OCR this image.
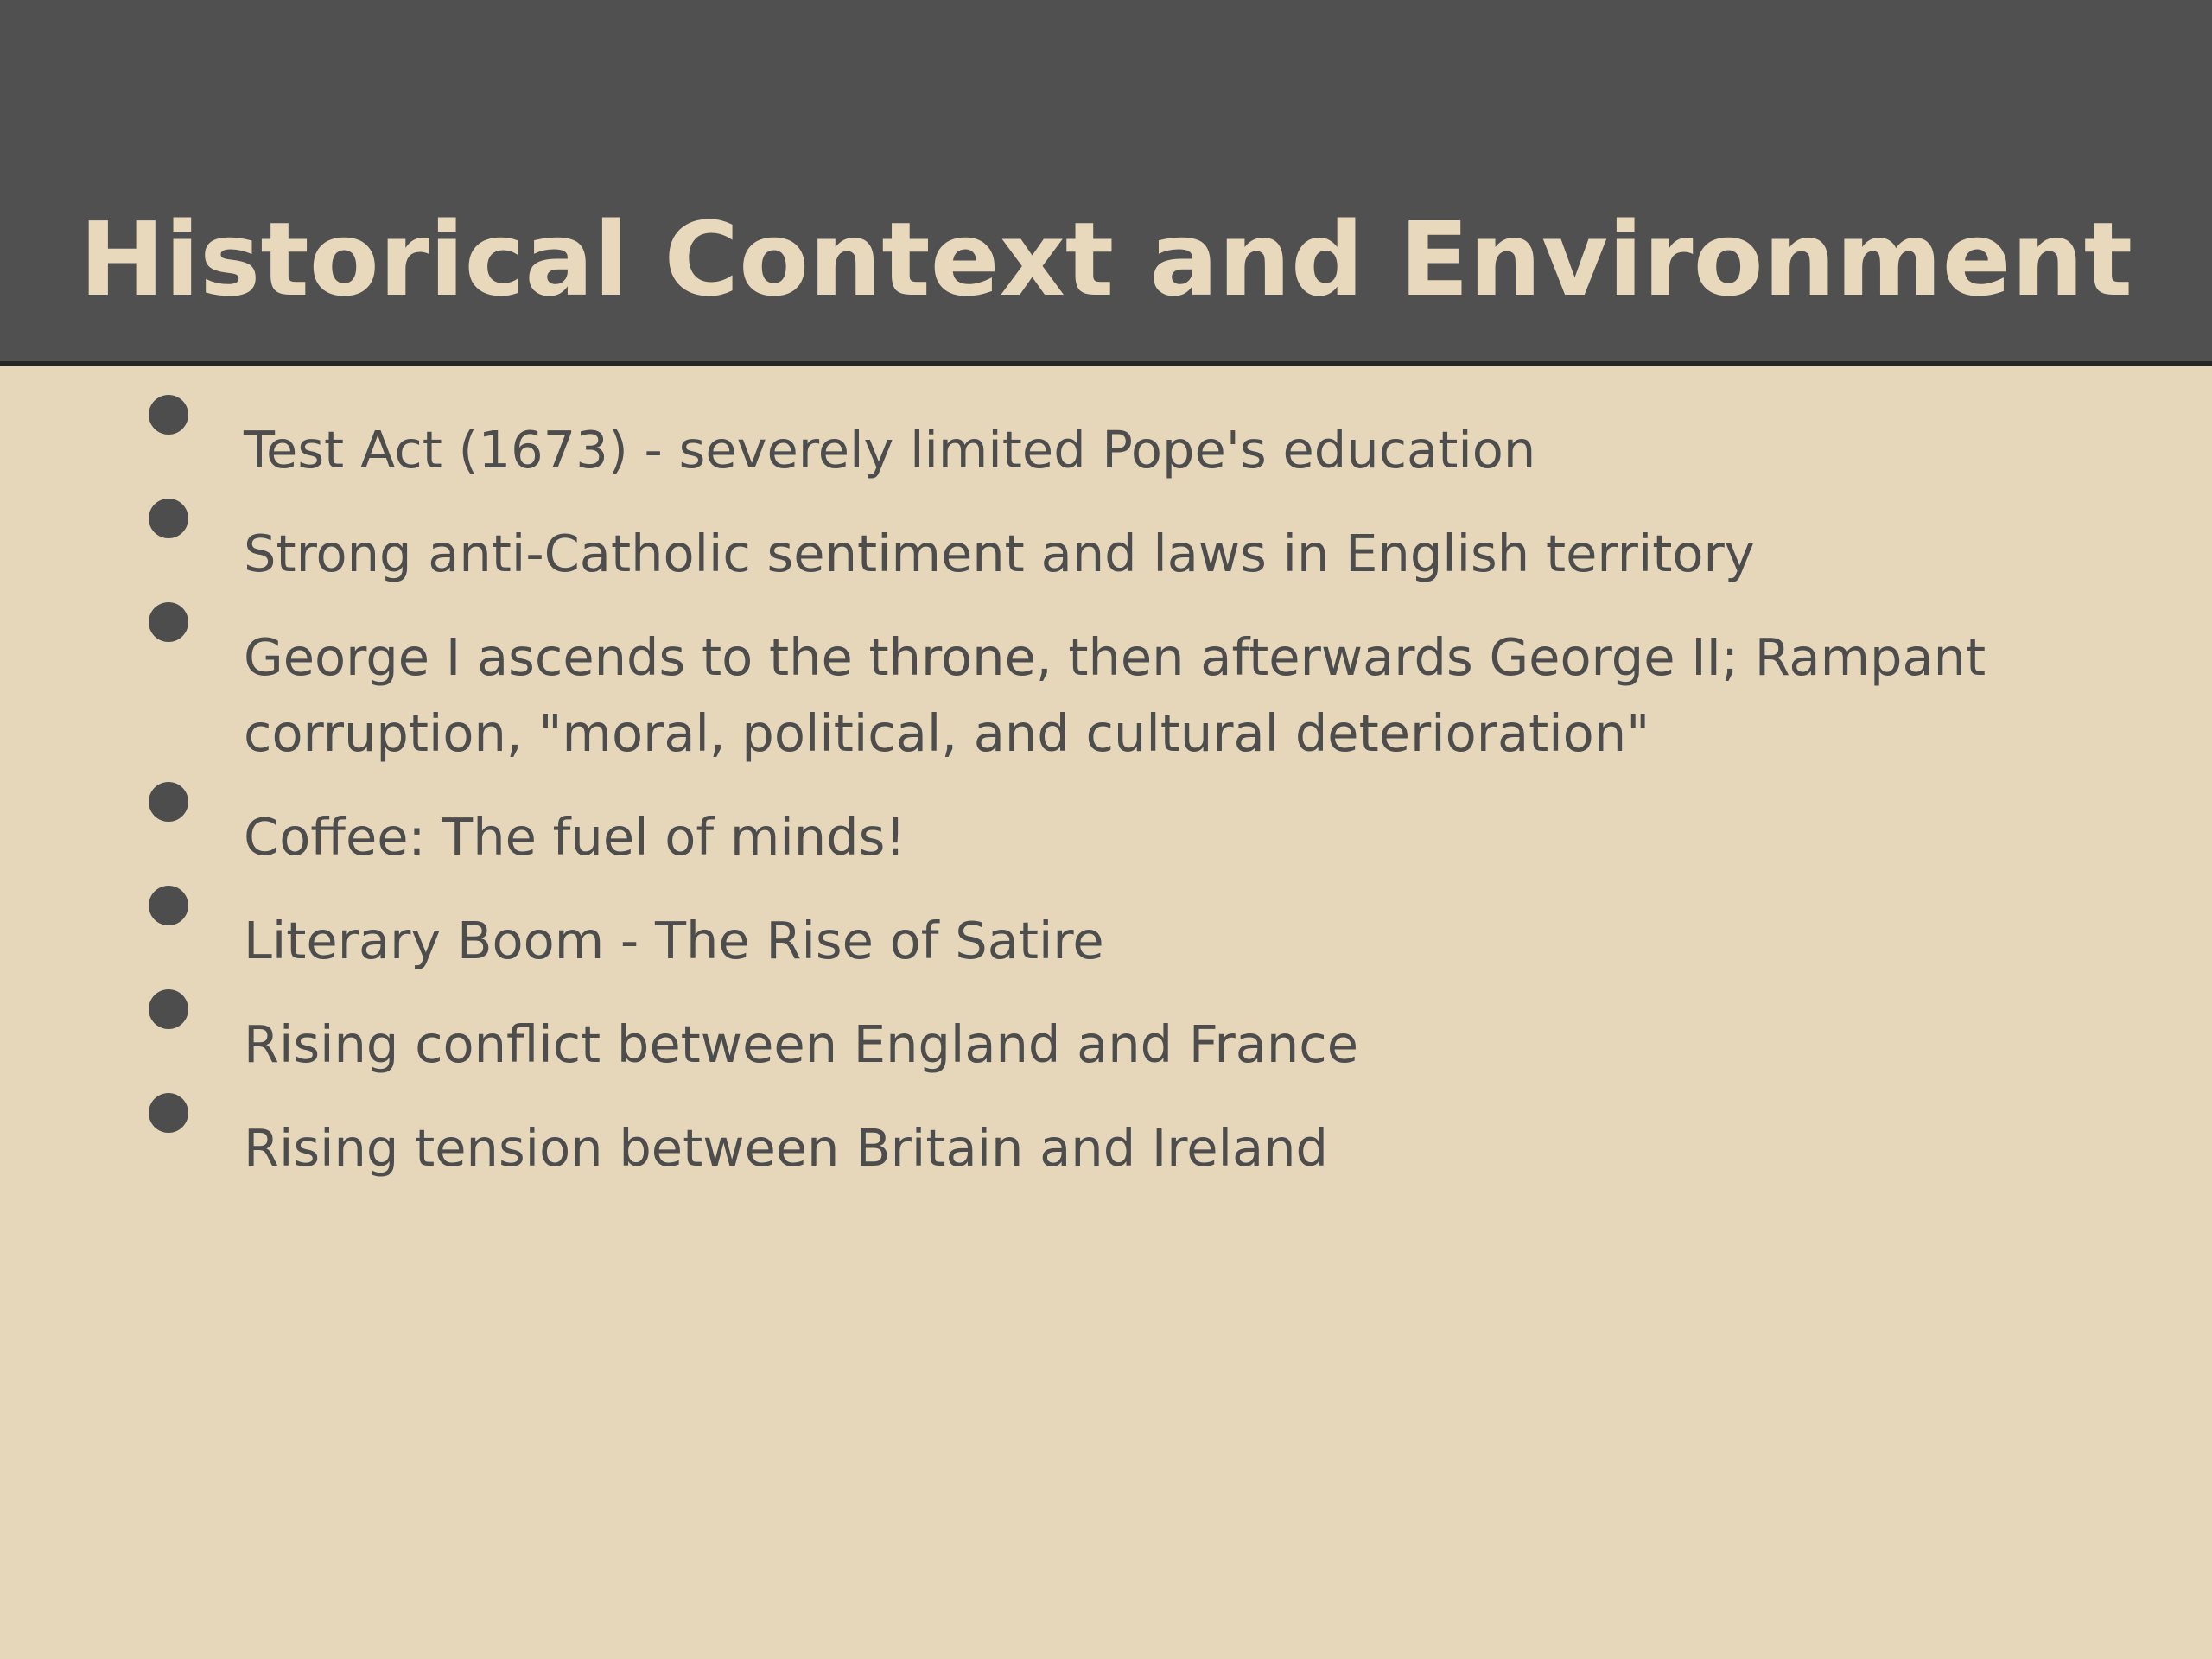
Historical Context and Environment
Test Act (1673) - severely limited Pope's education
Strong anti-Catholic sentiment and laws in English territory
George I ascends to the throne, then afterwards George II; Rampant corruption, "moral, political, and cultural deterioration"
Coffee: The fuel of minds!
Literary Boom - The Rise of Satire
Rising conflict between England and France
Rising tension between Britain and Ireland
